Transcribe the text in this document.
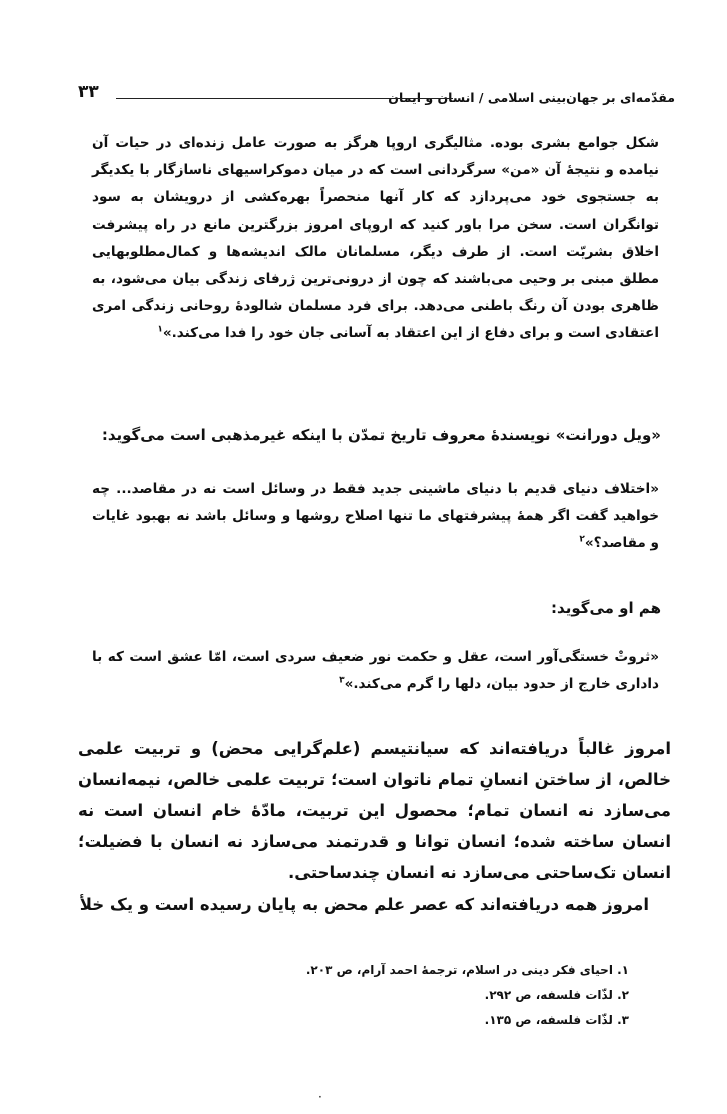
مقدّمه‌ای بر جهان‌بینی اسلامی / انسان و ایمان
۳۳

شکل جوامع بشری بوده. مثالیگری اروپا هرگز به صورت عامل زنده‌ای در حیات آن نیامده و نتیجهٔ آن «من» سرگردانی است که در میان دموکراسیهای ناسازگار با یکدیگر به جستجوی خود می‌پردازد که کار آنها منحصراً بهره‌کشی از درویشان به سود توانگران است. سخن مرا باور کنید که اروپای امروز بزرگترین مانع در راه پیشرفت اخلاق بشریّت است. از طرف دیگر، مسلمانان مالک اندیشه‌ها و کمال‌مطلوبهایی مطلق مبنی بر وحیی می‌باشند که چون از درونی‌ترین ژرفای زندگی بیان می‌شود، به ظاهری بودن آن رنگ باطنی می‌دهد. برای فرد مسلمان شالودهٔ روحانی زندگی امری اعتقادی است و برای دفاع از این اعتقاد به آسانی جان خود را فدا می‌کند.»$^۱$

«ویل دورانت» نویسندهٔ معروف تاریخ تمدّن با اینکه غیرمذهبی است می‌گوید:

«اختلاف دنیای قدیم با دنیای ماشینی جدید فقط در وسائل است نه در مقاصد... چه خواهید گفت اگر همهٔ پیشرفتهای ما تنها اصلاح روشها و وسائل باشد نه بهبود غایات و مقاصد؟»$^۲$

هم او می‌گوید:

«ثروتْ خستگی‌آور است، عقل و حکمت نور ضعیف سردی است، امّا عشق است که با داداری خارج از حدود بیان، دلها را گرم می‌کند.»$^۳$

امروز غالباً دریافته‌اند که سیانتیسم (علم‌گرایی محض) و تربیت علمی خالص، از ساختن انسانِ تمام ناتوان است؛ تربیت علمی خالص، نیمه‌انسان می‌سازد نه انسان تمام؛ محصول این تربیت، مادّهٔ خام انسان است نه انسان ساخته شده؛ انسان توانا و قدرتمند می‌سازد نه انسان با فضیلت؛ انسان تک‌ساحتی می‌سازد نه انسان چندساحتی.

امروز همه دریافته‌اند که عصر علم محض به پایان رسیده است و یک خلأ

۱. احیای فکر دینی در اسلام، ترجمهٔ احمد آرام، ص ۲۰۳.
۲. لذّات فلسفه، ص ۲۹۲.
۳. لذّات فلسفه، ص ۱۳۵.
·
